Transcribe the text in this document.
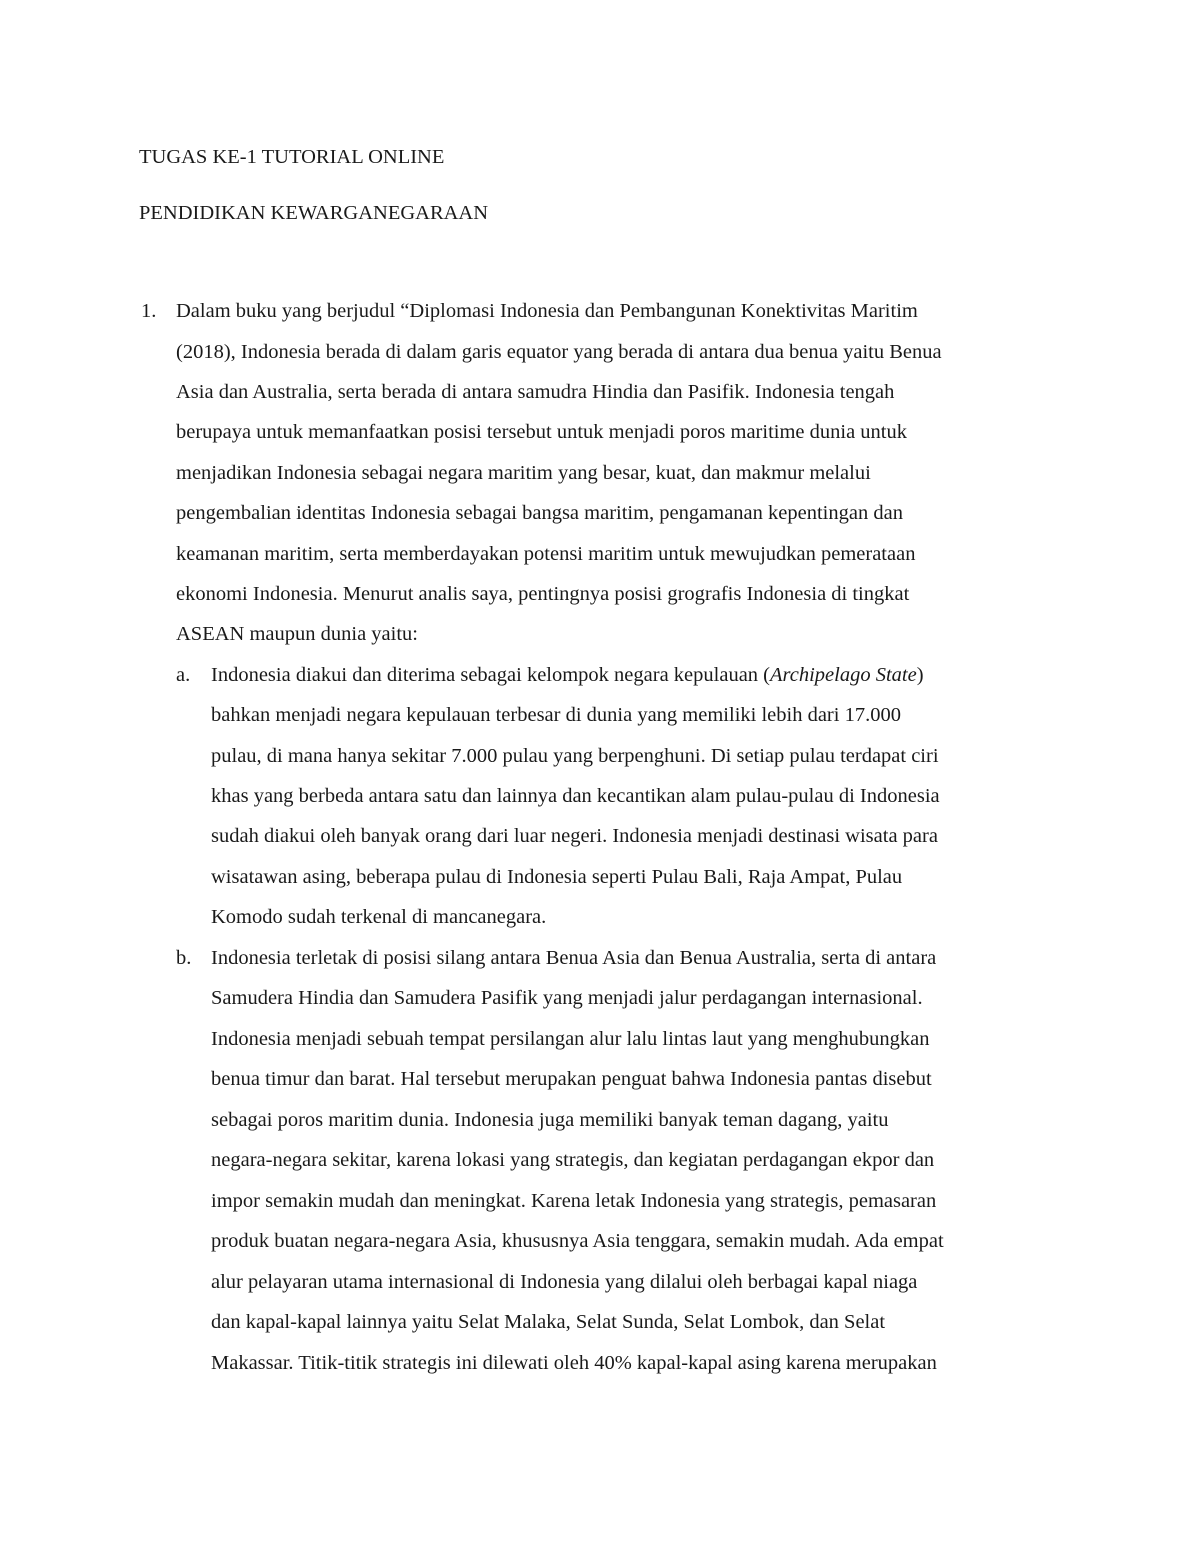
TUGAS KE-1 TUTORIAL ONLINE

PENDIDIKAN KEWARGANEGARAAN

1. Dalam buku yang berjudul “Diplomasi Indonesia dan Pembangunan Konektivitas Maritim

(2018), Indonesia berada di dalam garis equator yang berada di antara dua benua yaitu Benua

Asia dan Australia, serta berada di antara samudra Hindia dan Pasifik. Indonesia tengah

berupaya untuk memanfaatkan posisi tersebut untuk menjadi poros maritime dunia untuk

menjadikan Indonesia sebagai negara maritim yang besar, kuat, dan makmur melalui

pengembalian identitas Indonesia sebagai bangsa maritim, pengamanan kepentingan dan

keamanan maritim, serta memberdayakan potensi maritim untuk mewujudkan pemerataan

ekonomi Indonesia. Menurut analis saya, pentingnya posisi grografis Indonesia di tingkat

ASEAN maupun dunia yaitu:

a. Indonesia diakui dan diterima sebagai kelompok negara kepulauan (Archipelago State)

bahkan menjadi negara kepulauan terbesar di dunia yang memiliki lebih dari 17.000

pulau, di mana hanya sekitar 7.000 pulau yang berpenghuni. Di setiap pulau terdapat ciri

khas yang berbeda antara satu dan lainnya dan kecantikan alam pulau-pulau di Indonesia

sudah diakui oleh banyak orang dari luar negeri. Indonesia menjadi destinasi wisata para

wisatawan asing, beberapa pulau di Indonesia seperti Pulau Bali, Raja Ampat, Pulau

Komodo sudah terkenal di mancanegara.

b. Indonesia terletak di posisi silang antara Benua Asia dan Benua Australia, serta di antara

Samudera Hindia dan Samudera Pasifik yang menjadi jalur perdagangan internasional.

Indonesia menjadi sebuah tempat persilangan alur lalu lintas laut yang menghubungkan

benua timur dan barat. Hal tersebut merupakan penguat bahwa Indonesia pantas disebut

sebagai poros maritim dunia. Indonesia juga memiliki banyak teman dagang, yaitu

negara-negara sekitar, karena lokasi yang strategis, dan kegiatan perdagangan ekpor dan

impor semakin mudah dan meningkat. Karena letak Indonesia yang strategis, pemasaran

produk buatan negara-negara Asia, khususnya Asia tenggara, semakin mudah. Ada empat

alur pelayaran utama internasional di Indonesia yang dilalui oleh berbagai kapal niaga

dan kapal-kapal lainnya yaitu Selat Malaka, Selat Sunda, Selat Lombok, dan Selat

Makassar. Titik-titik strategis ini dilewati oleh 40% kapal-kapal asing karena merupakan
